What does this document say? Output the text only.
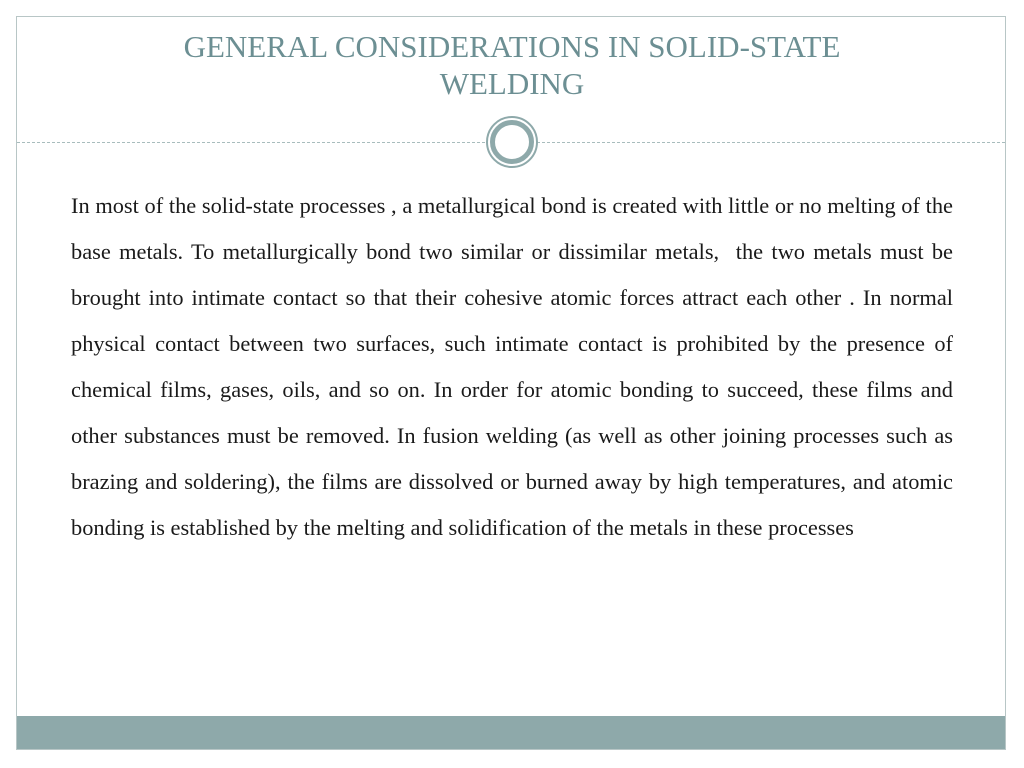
GENERAL CONSIDERATIONS IN SOLID-STATE
WELDING
In most of the solid-state processes , a metallurgical bond is created with little or no melting of the base metals. To metallurgically bond two similar or dissimilar metals,  the two metals must be brought into intimate contact so that their cohesive atomic forces attract each other . In normal physical contact between two surfaces, such intimate contact is prohibited by the presence of chemical films, gases, oils, and so on. In order for atomic bonding to succeed, these films and other substances must be removed. In fusion welding (as well as other joining processes such as brazing and soldering), the films are dissolved or burned away by high temperatures, and atomic bonding is established by the melting and solidification of the metals in these processes
